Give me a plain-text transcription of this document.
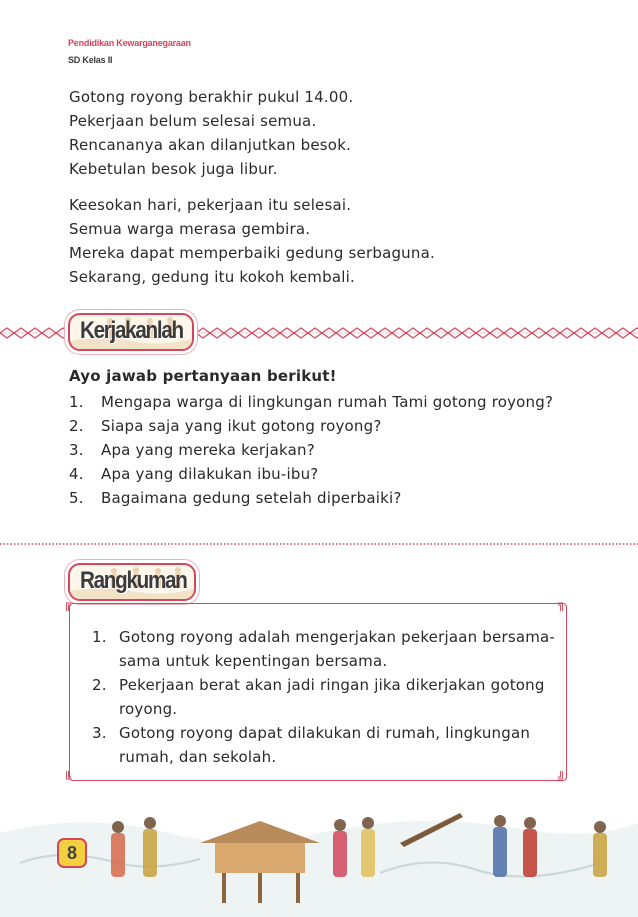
Pendidikan Kewarganegaraan
SD Kelas II
Gotong royong berakhir pukul 14.00.
Pekerjaan belum selesai semua.
Rencananya akan dilanjutkan besok.
Kebetulan besok juga libur.
Keesokan hari, pekerjaan itu selesai.
Semua warga merasa gembira.
Mereka dapat memperbaiki gedung serbaguna.
Sekarang, gedung itu kokoh kembali.
Kerjakanlah
Ayo jawab pertanyaan berikut!
1. Mengapa warga di lingkungan rumah Tami gotong royong?
2. Siapa saja yang ikut gotong royong?
3. Apa yang mereka kerjakan?
4. Apa yang dilakukan ibu-ibu?
5. Bagaimana gedung setelah diperbaiki?
Rangkuman
╔	╗
╚	╝
1. Gotong royong adalah mengerjakan pekerjaan bersama-sama untuk kepentingan bersama.
2. Pekerjaan berat akan jadi ringan jika dikerjakan gotong royong.
3. Gotong royong dapat dilakukan di rumah, lingkungan rumah, dan sekolah.
8
